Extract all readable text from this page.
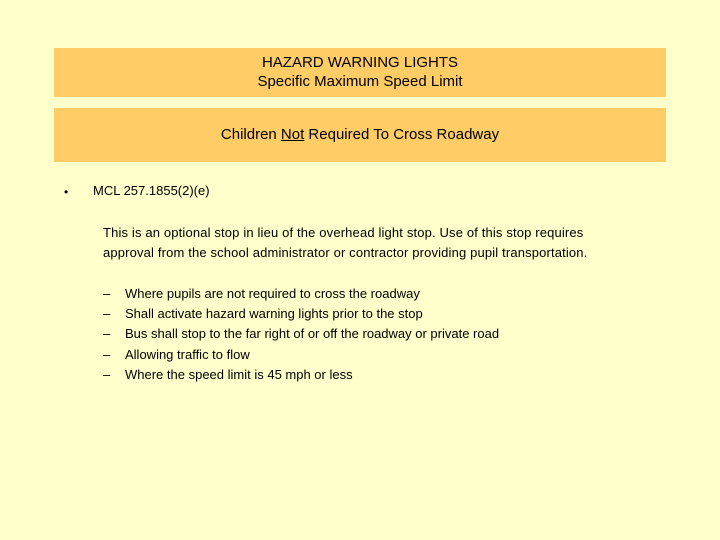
HAZARD WARNING LIGHTS
Specific Maximum Speed Limit
Children Not Required To Cross Roadway
• MCL 257.1855(2)(e)
This is an optional stop in lieu of the overhead light stop. Use of this stop requires
approval from the school administrator or contractor providing pupil transportation.
– Where pupils are not required to cross the roadway
– Shall activate hazard warning lights prior to the stop
– Bus shall stop to the far right of or off the roadway or private road
– Allowing traffic to flow
– Where the speed limit is 45 mph or less
